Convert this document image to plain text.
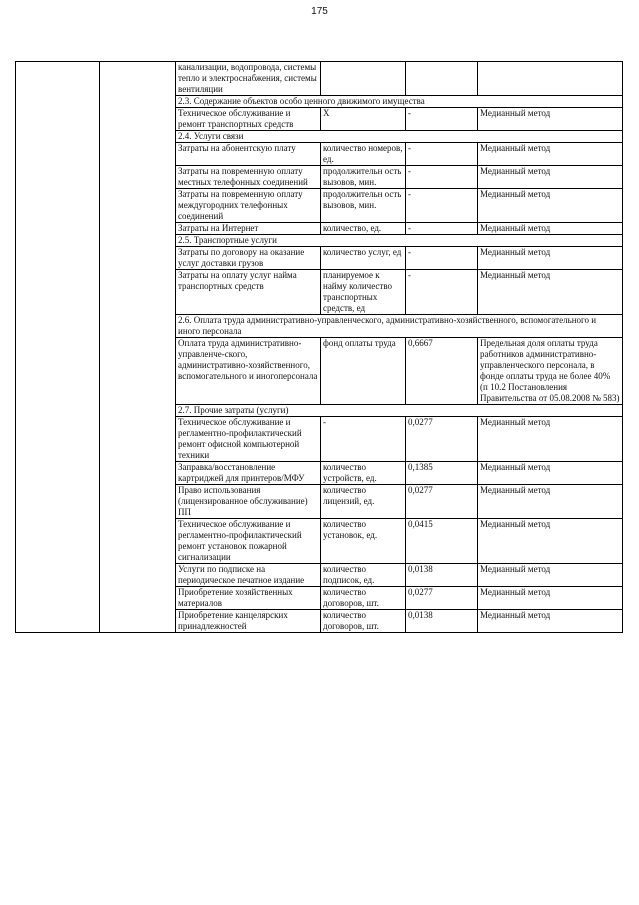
175
		канализации, водопровода, системы тепло и электроснабжения, системы вентиляции			
		2.3. Содержание объектов особо ценного движимого имущества			
		Техническое обслуживание и ремонт транспортных средств	Х	-	Медианный метод
		2.4. Услуги связи			
		Затраты на абонентскую плату	количество номеров, ед.	-	Медианный метод
		Затраты на повременную оплату местных телефонных соединений	продолжительн ость вызовов, мин.	-	Медианный метод
		Затраты на повременную оплату междугородних телефонных соединений	продолжительн ость вызовов, мин.	-	Медианный метод
		Затраты на Интернет	количество, ед.	-	Медианный метод
		2.5. Транспортные услуги			
		Затраты по договору на оказание услуг доставки грузов	количество услуг, ед	-	Медианный метод
		Затраты на оплату услуг найма транспортных средств	планируемое к найму количество транспортных средств, ед	-	Медианный метод
		2.6. Оплата труда административно-управленческого, административно-хозяйственного, вспомогательного и иного персонала			
		Оплата труда административно-управленче-ского, административно-хозяйственного, вспомогательного и иногоперсонала	фонд оплаты труда	0,6667	Предельная доля оплаты труда работников административно-управленческого персонала, в фонде оплаты труда не более 40% (п 10.2 Постановления Правительства от 05.08.2008 № 583)
		2.7. Прочие затраты (услуги)			
		Техническое обслуживание и регламентно-профилактический ремонт офисной компьютерной техники	-	0,0277	Медианный метод
		Заправка/восстановление картриджей для принтеров/МФУ	количество устройств, ед.	0,1385	Медианный метод
		Право использования (лицензированное обслуживание) ПП	количество лицензий, ед.	0,0277	Медианный метод
		Техническое обслуживание и регламентно-профилактический ремонт установок пожарной сигнализации	количество установок, ед.	0,0415	Медианный метод
		Услуги по подписке на периодическое печатное издание	количество подписок, ед.	0,0138	Медианный метод
		Приобретение хозяйственных материалов	количество договоров, шт.	0,0277	Медианный метод
		Приобретение канцелярских принадлежностей	количество договоров, шт.	0,0138	Медианный метод
